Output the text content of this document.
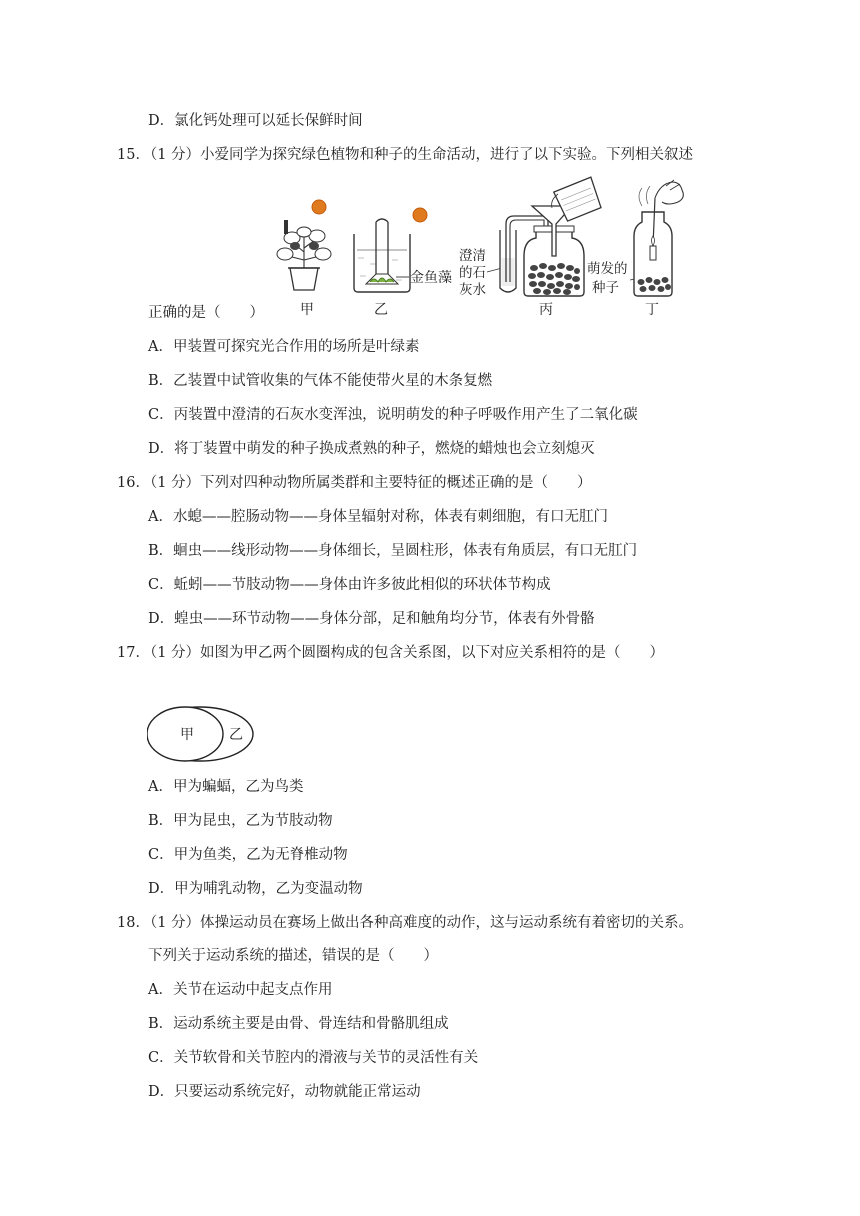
D．氯化钙处理可以延长保鲜时间
15．（1 分）小爱同学为探究绿色植物和种子的生命活动，进行了以下实验。下列相关叙述
甲
金鱼藻
乙
澄清
的石
灰水
丙
萌发的
种子
丁
正确的是（　　）
A．甲装置可探究光合作用的场所是叶绿素
B．乙装置中试管收集的气体不能使带火星的木条复燃
C．丙装置中澄清的石灰水变浑浊，说明萌发的种子呼吸作用产生了二氧化碳
D．将丁装置中萌发的种子换成煮熟的种子，燃烧的蜡烛也会立刻熄灭
16．（1 分）下列对四种动物所属类群和主要特征的概述正确的是（　　）
A．水螅——腔肠动物——身体呈辐射对称，体表有刺细胞，有口无肛门
B．蛔虫——线形动物——身体细长，呈圆柱形，体表有角质层，有口无肛门
C．蚯蚓——节肢动物——身体由许多彼此相似的环状体节构成
D．蝗虫——环节动物——身体分部，足和触角均分节，体表有外骨骼
17．（1 分）如图为甲乙两个圆圈构成的包含关系图，以下对应关系相符的是（　　）
甲	乙
A．甲为蝙蝠，乙为鸟类
B．甲为昆虫，乙为节肢动物
C．甲为鱼类，乙为无脊椎动物
D．甲为哺乳动物，乙为变温动物
18．（1 分）体操运动员在赛场上做出各种高难度的动作，这与运动系统有着密切的关系。
下列关于运动系统的描述，错误的是（　　）
A．关节在运动中起支点作用
B．运动系统主要是由骨、骨连结和骨骼肌组成
C．关节软骨和关节腔内的滑液与关节的灵活性有关
D．只要运动系统完好，动物就能正常运动
